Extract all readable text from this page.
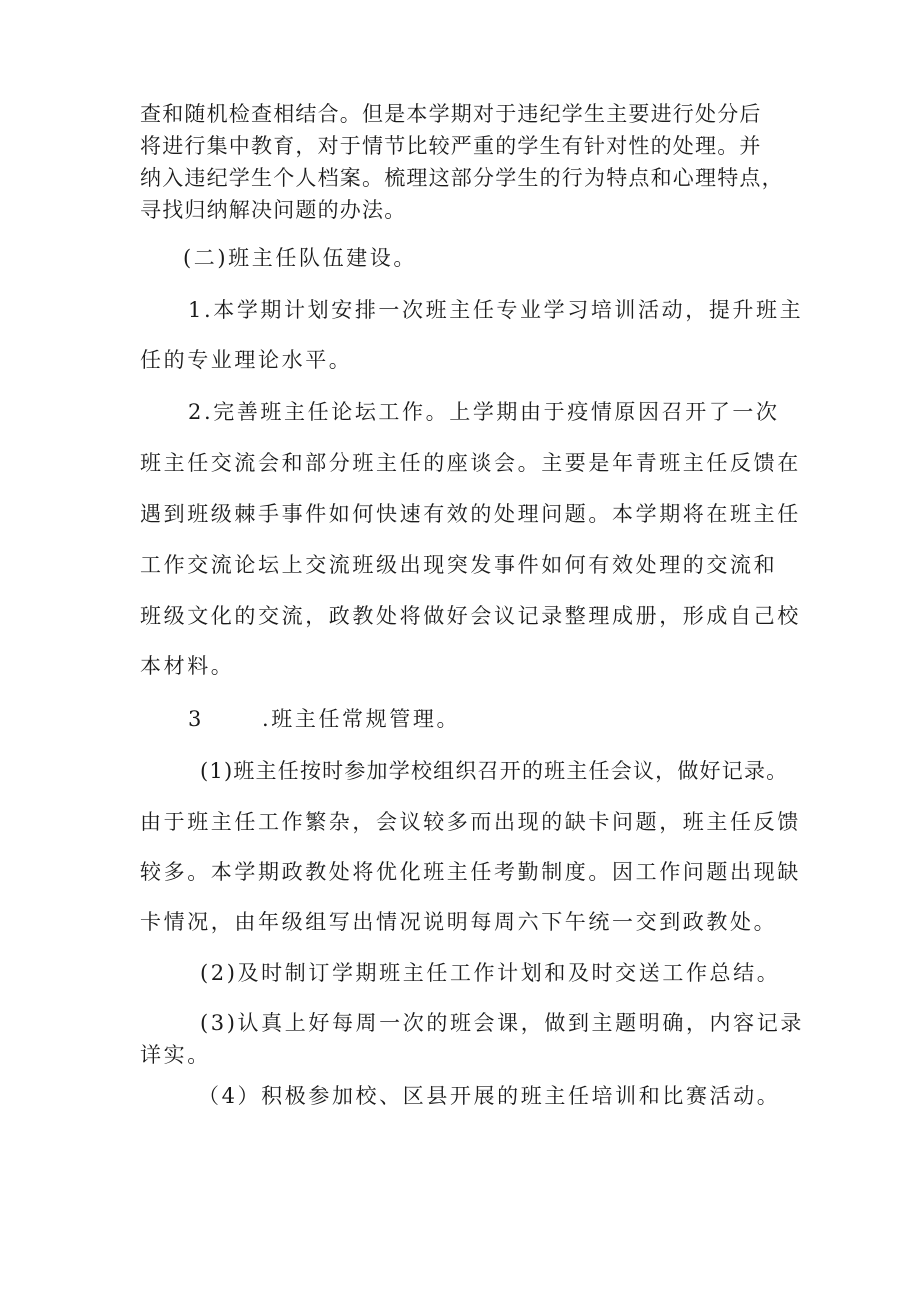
查和随机检查相结合。但是本学期对于违纪学生主要进行处分后
将进行集中教育，对于情节比较严重的学生有针对性的处理。并
纳入违纪学生个人档案。梳理这部分学生的行为特点和心理特点，
寻找归纳解决问题的办法。
(二)班主任队伍建设。
1.本学期计划安排一次班主任专业学习培训活动，提升班主
任的专业理论水平。
2.完善班主任论坛工作。上学期由于疫情原因召开了一次
班主任交流会和部分班主任的座谈会。主要是年青班主任反馈在
遇到班级棘手事件如何快速有效的处理问题。本学期将在班主任
工作交流论坛上交流班级出现突发事件如何有效处理的交流和
班级文化的交流，政教处将做好会议记录整理成册，形成自己校
本材料。
3	.班主任常规管理。
(1)班主任按时参加学校组织召开的班主任会议，做好记录。
由于班主任工作繁杂，会议较多而出现的缺卡问题，班主任反馈
较多。本学期政教处将优化班主任考勤制度。因工作问题出现缺
卡情况，由年级组写出情况说明每周六下午统一交到政教处。
(2)及时制订学期班主任工作计划和及时交送工作总结。
(3)认真上好每周一次的班会课，做到主题明确，内容记录
详实。
（4）积极参加校、区县开展的班主任培训和比赛活动。
